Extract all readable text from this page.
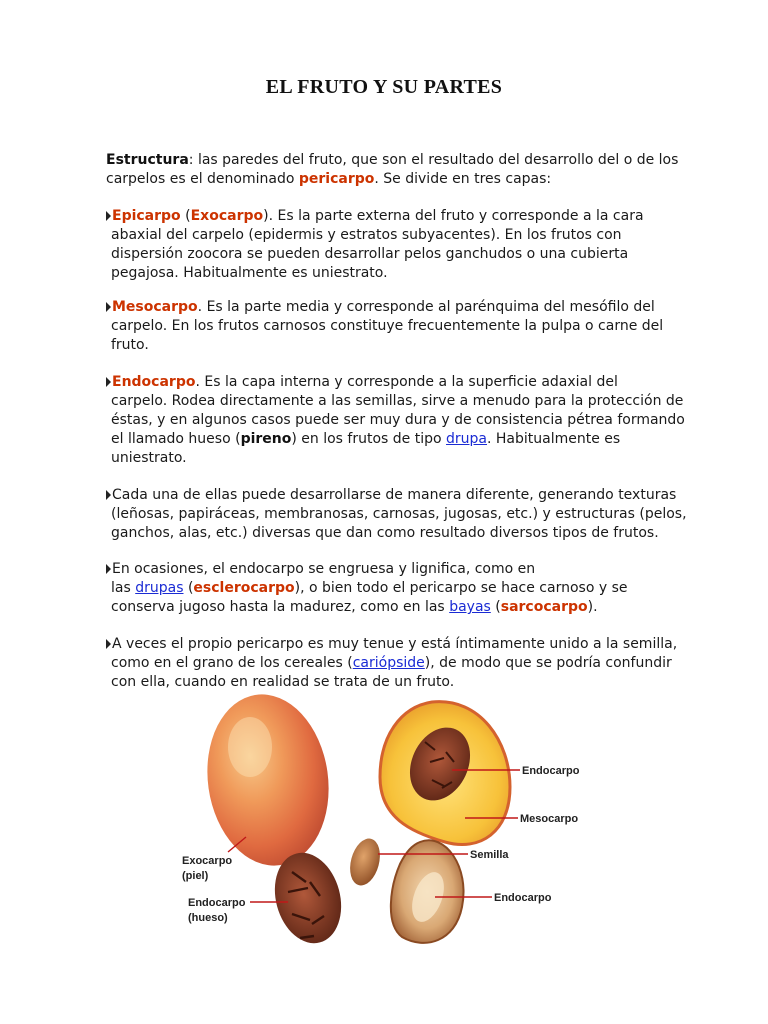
EL FRUTO Y SU PARTES

Estructura: las paredes del fruto, que son el resultado del desarrollo del o de los
carpelos es el denominado pericarpo. Se divide en tres capas:

Epicarpo (Exocarpo). Es la parte externa del fruto y corresponde a la cara
abaxial del carpelo (epidermis y estratos subyacentes). En los frutos con
dispersión zoocora se pueden desarrollar pelos ganchudos o una cubierta
pegajosa. Habitualmente es uniestrato.

Mesocarpo. Es la parte media y corresponde al parénquima del mesófilo del
carpelo. En los frutos carnosos constituye frecuentemente la pulpa o carne del
fruto.

Endocarpo. Es la capa interna y corresponde a la superficie adaxial del
carpelo. Rodea directamente a las semillas, sirve a menudo para la protección de
éstas, y en algunos casos puede ser muy dura y de consistencia pétrea formando
el llamado hueso (pireno) en los frutos de tipo drupa. Habitualmente es
uniestrato.

Cada una de ellas puede desarrollarse de manera diferente, generando texturas
(leñosas, papiráceas, membranosas, carnosas, jugosas, etc.) y estructuras (pelos,
ganchos, alas, etc.) diversas que dan como resultado diversos tipos de frutos.

En ocasiones, el endocarpo se engruesa y lignifica, como en
las drupas (esclerocarpo), o bien todo el pericarpo se hace carnoso y se
conserva jugoso hasta la madurez, como en las bayas (sarcocarpo).

A veces el propio pericarpo es muy tenue y está íntimamente unido a la semilla,
como en el grano de los cereales (cariópside), de modo que se podría confundir
con ella, cuando en realidad se trata de un fruto.

Endocarpo
Mesocarpo
Semilla
Endocarpo
Exocarpo
(piel)
Endocarpo
(hueso)
